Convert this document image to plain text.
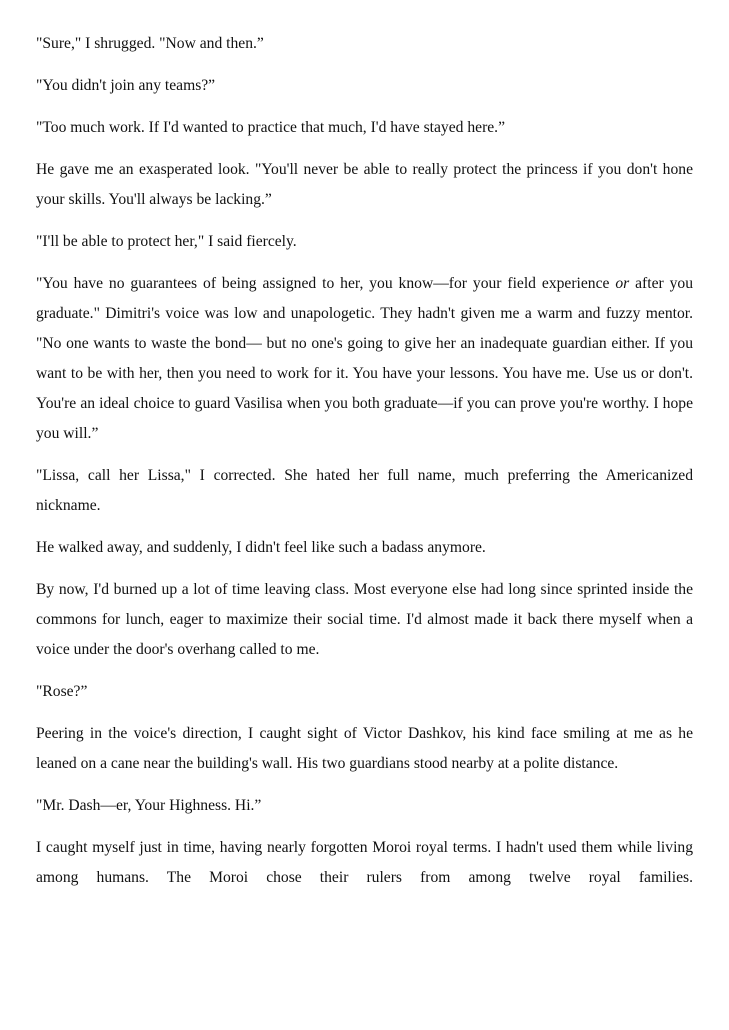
"Sure," I shrugged. "Now and then.”

"You didn't join any teams?”

"Too much work. If I'd wanted to practice that much, I'd have stayed here.”

He gave me an exasperated look. "You'll never be able to really protect the princess if you don't hone your skills. You'll always be lacking.”

"I'll be able to protect her," I said fiercely.

"You have no guarantees of being assigned to her, you know—for your field experience or after you graduate." Dimitri's voice was low and unapologetic. They hadn't given me a warm and fuzzy mentor. "No one wants to waste the bond— but no one's going to give her an inadequate guardian either. If you want to be with her, then you need to work for it. You have your lessons. You have me. Use us or don't. You're an ideal choice to guard Vasilisa when you both graduate—if you can prove you're worthy. I hope you will.”

"Lissa, call her Lissa," I corrected. She hated her full name, much preferring the Americanized nickname.

He walked away, and suddenly, I didn't feel like such a badass anymore.

By now, I'd burned up a lot of time leaving class. Most everyone else had long since sprinted inside the commons for lunch, eager to maximize their social time. I'd almost made it back there myself when a voice under the door's overhang called to me.

"Rose?”

Peering in the voice's direction, I caught sight of Victor Dashkov, his kind face smiling at me as he leaned on a cane near the building's wall. His two guardians stood nearby at a polite distance.

"Mr. Dash—er, Your Highness. Hi.”

I caught myself just in time, having nearly forgotten Moroi royal terms. I hadn't used them while living among humans. The Moroi chose their rulers from among twelve royal families.
